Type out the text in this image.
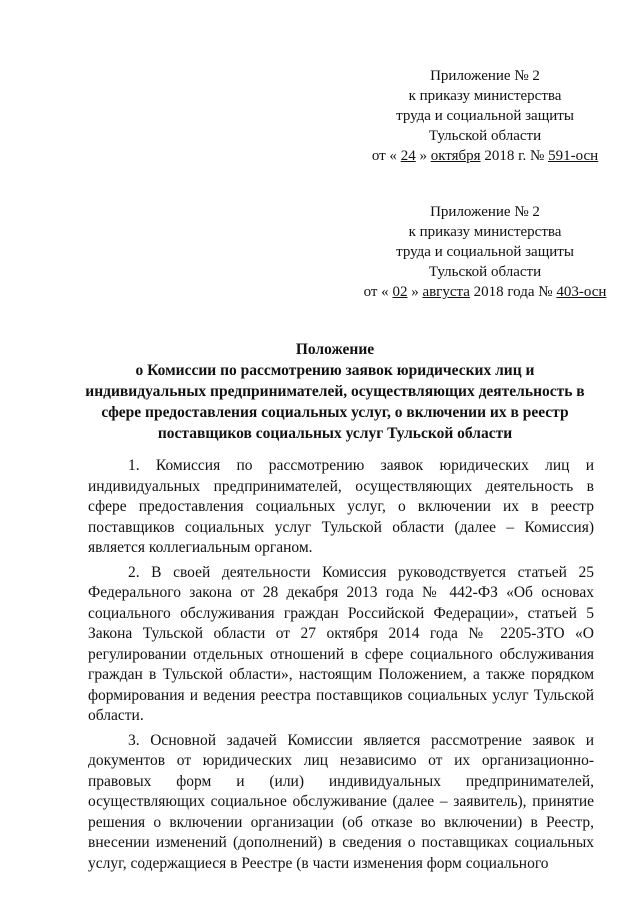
Приложение № 2
к приказу министерства
труда и социальной защиты
Тульской области
от « 24 » октября 2018 г. № 591-осн
Приложение № 2
к приказу министерства
труда и социальной защиты
Тульской области
от « 02 » августа 2018 года № 403-осн
Положение
о Комиссии по рассмотрению заявок юридических лиц и
индивидуальных предпринимателей, осуществляющих деятельность в
сфере предоставления социальных услуг, о включении их в реестр
поставщиков социальных услуг Тульской области

1. Комиссия по рассмотрению заявок юридических лиц и индивидуальных предпринимателей, осуществляющих деятельность в сфере предоставления социальных услуг, о включении их в реестр поставщиков социальных услуг Тульской области (далее – Комиссия) является коллегиальным органом.

2. В своей деятельности Комиссия руководствуется статьей 25 Федерального закона от 28 декабря 2013 года № 442-ФЗ «Об основах социального обслуживания граждан Российской Федерации», статьей 5 Закона Тульской области от 27 октября 2014 года № 2205-ЗТО «О регулировании отдельных отношений в сфере социального обслуживания граждан в Тульской области», настоящим Положением, а также порядком формирования и ведения реестра поставщиков социальных услуг Тульской области.

3. Основной задачей Комиссии является рассмотрение заявок и документов от юридических лиц независимо от их организационно-правовых форм и (или) индивидуальных предпринимателей, осуществляющих социальное обслуживание (далее – заявитель), принятие решения о включении организации (об отказе во включении) в Реестр, внесении изменений (дополнений) в сведения о поставщиках социальных услуг, содержащиеся в Реестре (в части изменения форм социального
